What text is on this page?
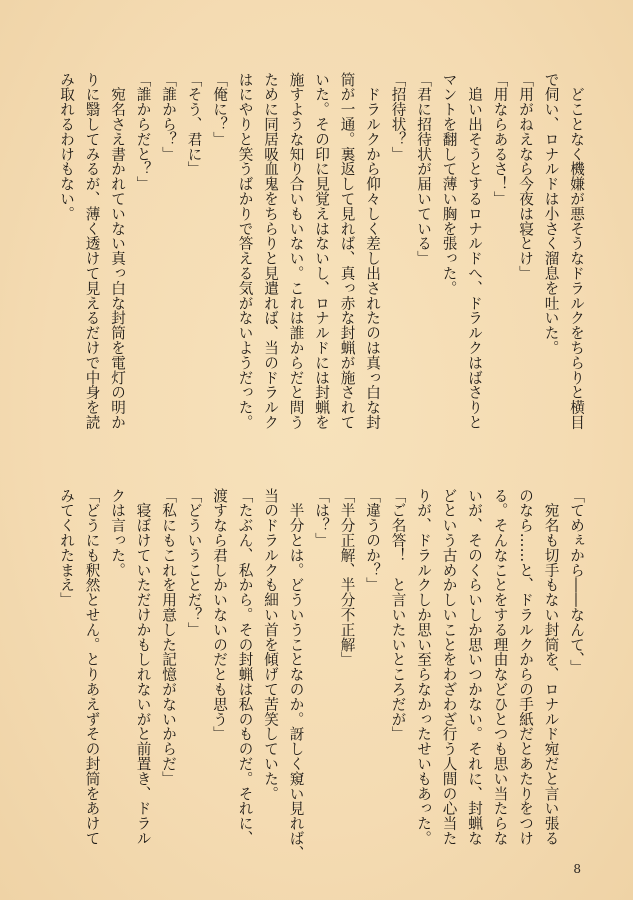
　どことなく機嫌が悪そうなドラルクをちらりと横目
で伺い、ロナルドは小さく溜息を吐いた。
「用がねえなら今夜は寝とけ」
「用ならあるさ！」
　追い出そうとするロナルドへ、ドラルクはばさりと
マントを翻して薄い胸を張った。
「君に招待状が届いている」
「招待状？」
　ドラルクから仰々しく差し出されたのは真っ白な封
筒が一通。裏返して見れば、真っ赤な封蝋が施されて
いた。その印に見覚えはないし、ロナルドには封蝋を
施すような知り合いもいない。これは誰からだと問う
ために同居吸血鬼をちらりと見遣れば、当のドラルク
はにやりと笑うばかりで答える気がないようだった。
「俺に？」
「そう、君に」
「誰から？」
「誰からだと？」
　宛名さえ書かれていない真っ白な封筒を電灯の明か
りに翳してみるが、薄く透けて見えるだけで中身を読
み取れるわけもない。
「てめぇから――なんて、」
　宛名も切手もない封筒を、ロナルド宛だと言い張る
のなら……と、ドラルクからの手紙だとあたりをつけ
る。そんなことをする理由などひとつも思い当たらな
いが、そのくらいしか思いつかない。それに、封蝋な
どという古めかしいことをわざわざ行う人間の心当た
りが、ドラルクしか思い至らなかったせいもあった。
「ご名答！　と言いたいところだが」
「違うのか？」
「半分正解、半分不正解」
「は？」
　半分とは。どういうことなのか。訝しく窺い見れば、
当のドラルクも細い首を傾げて苦笑していた。
「たぶん、私から。その封蝋は私のものだ。それに、
渡すなら君しかいないのだとも思う」
「どういうことだ？」
「私にもこれを用意した記憶がないからだ」
　寝ぼけていただけかもしれないがと前置き、ドラル
クは言った。
「どうにも釈然とせん。とりあえずその封筒をあけて
みてくれたまえ」
8
